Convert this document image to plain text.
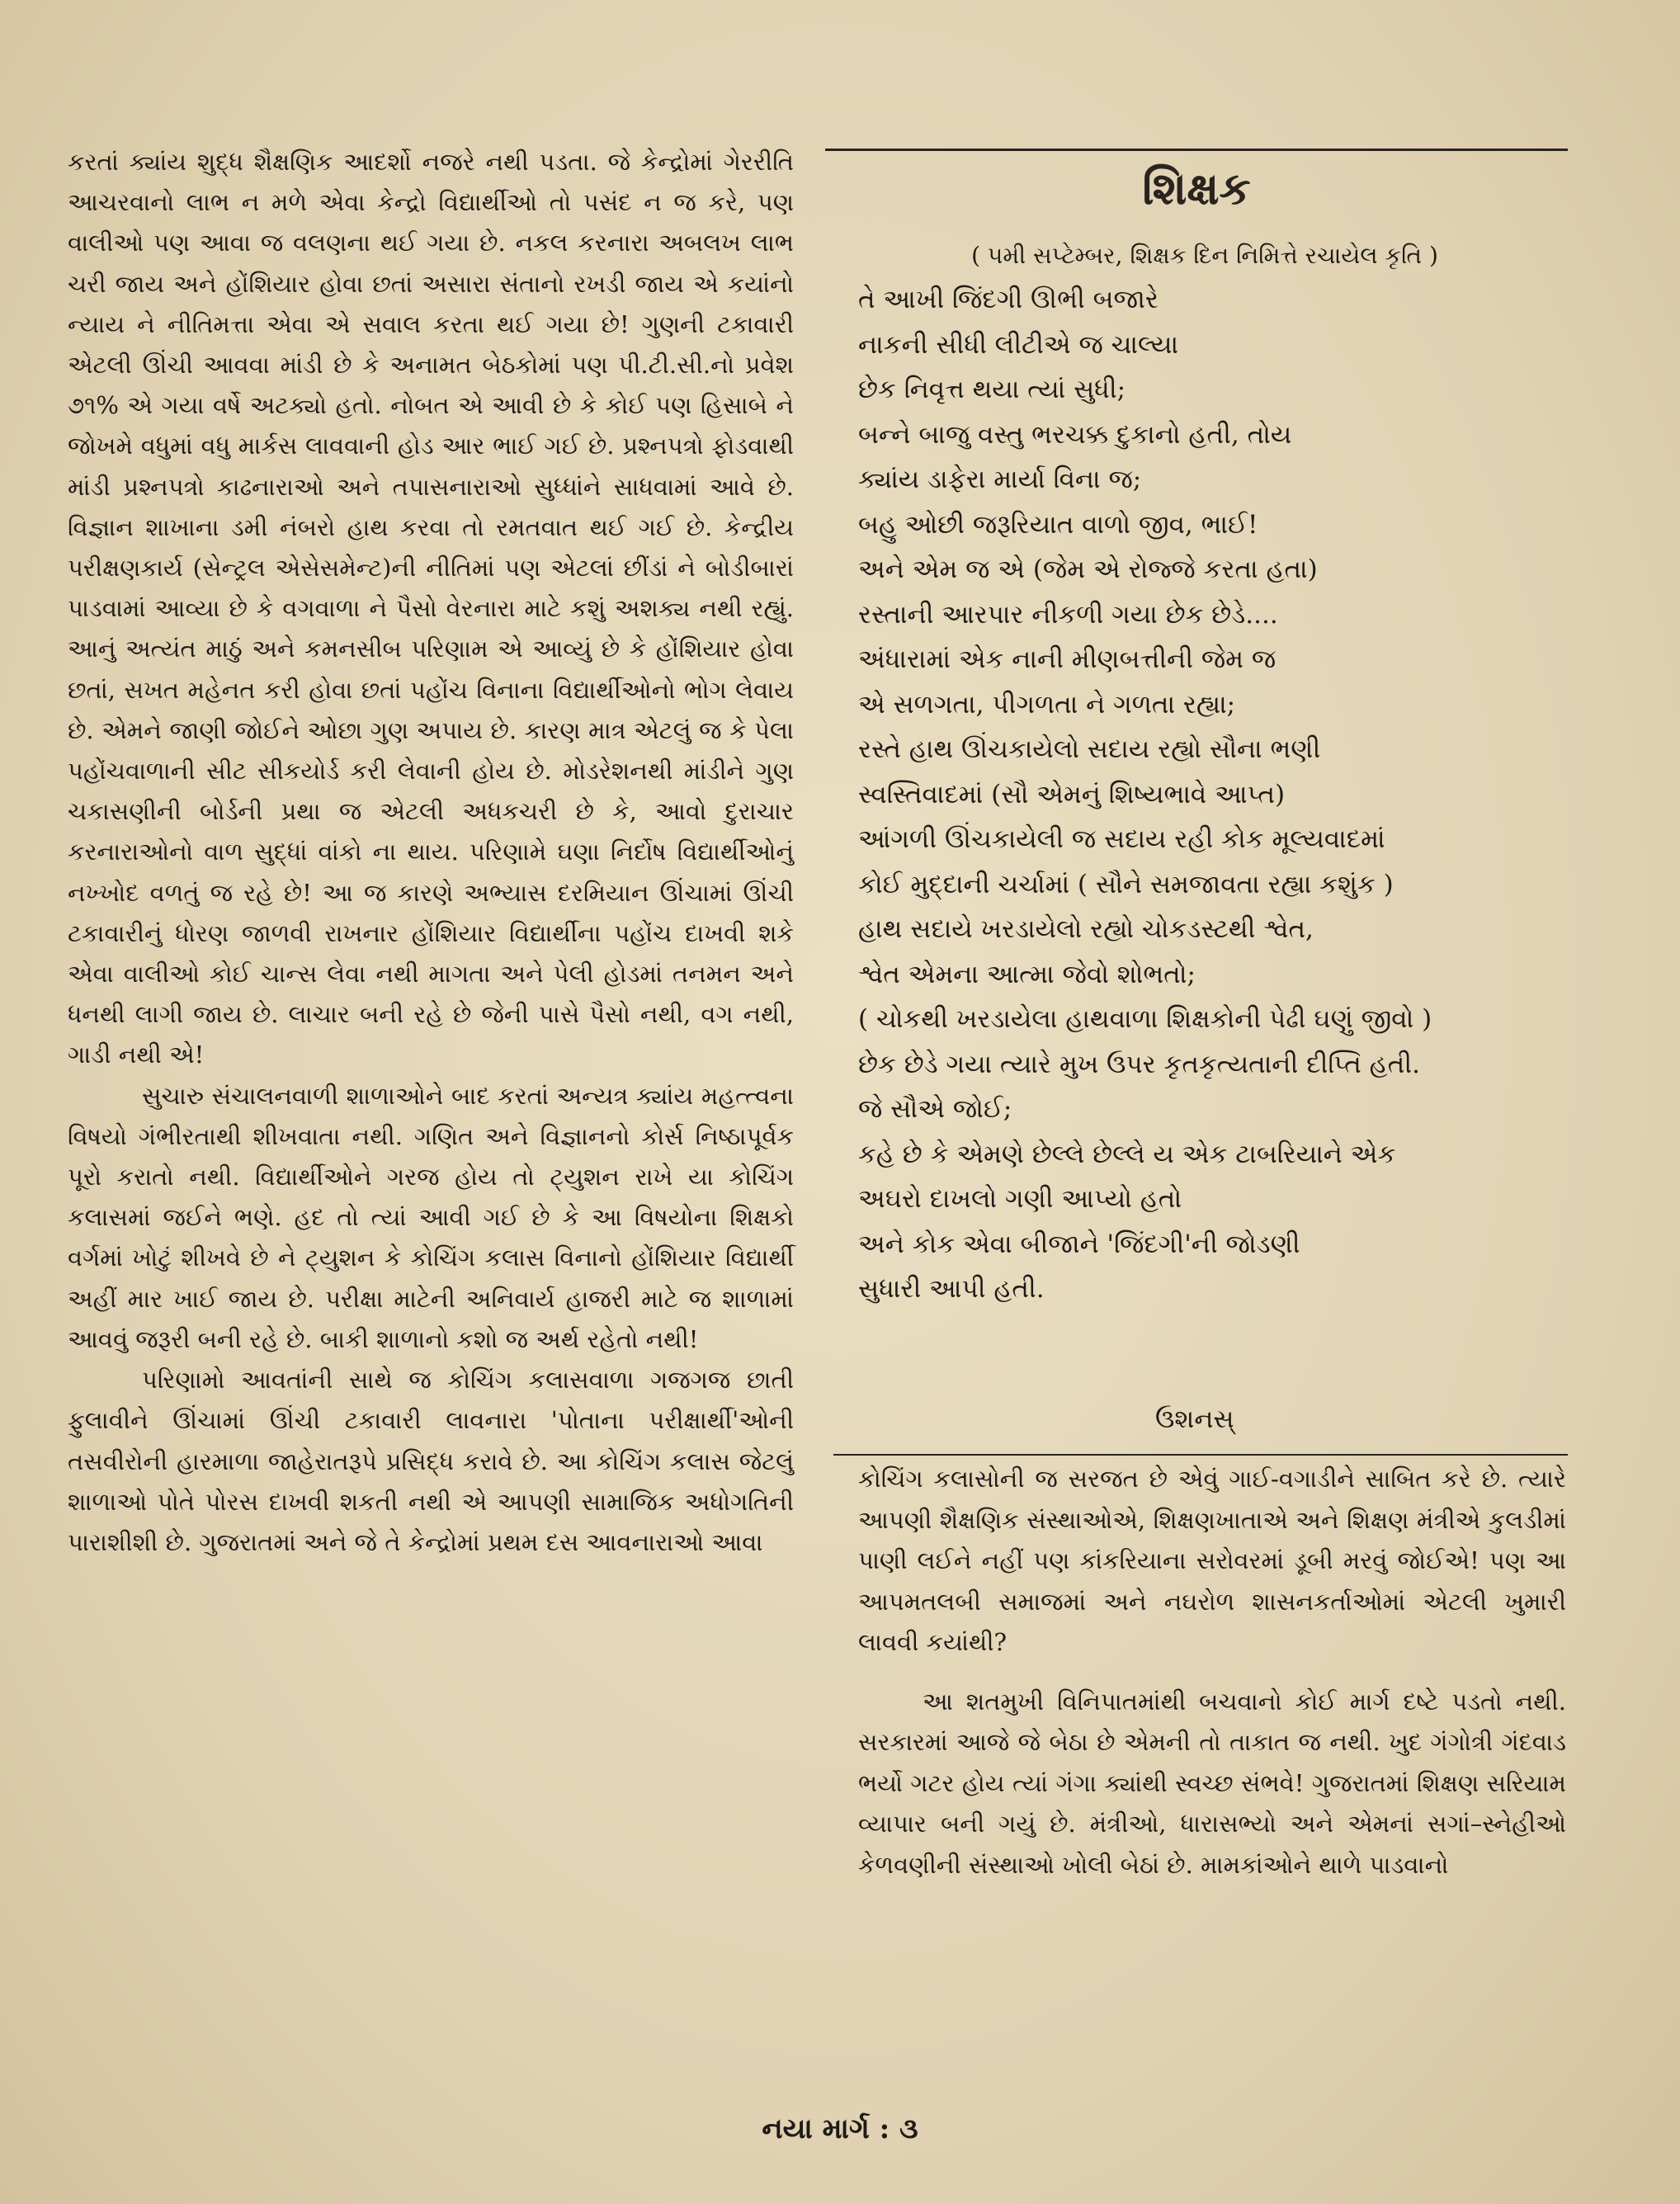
કરતાં ક્યાંય શુદ્ધ શૈક્ષણિક આદર્શો નજરે નથી પડતા. જે કેન્દ્રોમાં ગેરરીતિ આચરવાનો લાભ ન મળે એવા કેન્દ્રો વિદ્યાર્થીઓ તો પસંદ ન જ કરે, પણ વાલીઓ પણ આવા જ વલણના થઈ ગયા છે. નકલ કરનારા અબલખ લાભ ચરી જાય અને હોંશિયાર હોવા છતાં અસારા સંતાનો રખડી જાય એ કયાંનો ન્યાય ને નીતિમત્તા એવા એ સવાલ કરતા થઈ ગયા છે! ગુણની ટકાવારી એટલી ઊંચી આવવા માંડી છે કે અનામત બેઠકોમાં પણ પી.ટી.સી.નો પ્રવેશ ૭૧% એ ગયા વર્ષે અટક્યો હતો. નોબત એ આવી છે કે કોઈ પણ હિસાબે ને જોખમે વધુમાં વધુ માર્કસ લાવવાની હોડ આર ભાઈ ગઈ છે. પ્રશ્નપત્રો ફોડવાથી માંડી પ્રશ્નપત્રો કાઢનારાઓ અને તપાસનારાઓ સુધ્ધાંને સાધવામાં આવે છે. વિજ્ઞાન શાખાના ડમી નંબરો હાથ કરવા તો રમતવાત થઈ ગઈ છે. કેન્દ્રીય પરીક્ષણકાર્ય (સેન્ટ્રલ એસેસમેન્ટ)ની નીતિમાં પણ એટલાં છીંડાં ને બોડીબારાં પાડવામાં આવ્યા છે કે વગવાળા ને પૈસો વેરનારા માટે કશું અશક્ય નથી રહ્યું. આનું અત્યંત માઠું અને કમનસીબ પરિણામ એ આવ્યું છે કે હોંશિયાર હોવા છતાં, સખત મહેનત કરી હોવા છતાં પહોંચ વિનાના વિદ્યાર્થીઓનો ભોગ લેવાય છે. એમને જાણી જોઈને ઓછા ગુણ અપાય છે. કારણ માત્ર એટલું જ કે પેલા પહોંચવાળાની સીટ સીકયોર્ડ કરી લેવાની હોય છે. મોડરેશનથી માંડીને ગુણ ચકાસણીની બોર્ડની પ્રથા જ એટલી અધકચરી છે કે, આવો દુરાચાર કરનારાઓનો વાળ સુદ્ધાં વાંકો ના થાય. પરિણામે ઘણા નિર્દોષ વિદ્યાર્થીઓનું નખ્ખોદ વળતું જ રહે છે! આ જ કારણે અભ્યાસ દરમિયાન ઊંચામાં ઊંચી ટકાવારીનું ધોરણ જાળવી રાખનાર હોંશિયાર વિદ્યાર્થીના પહોંચ દાખવી શકે એવા વાલીઓ કોઈ ચાન્સ લેવા નથી માગતા અને પેલી હોડમાં તનમન અને ધનથી લાગી જાય છે. લાચાર બની રહે છે જેની પાસે પૈસો નથી, વગ નથી, ગાડી નથી એ!

સુચારુ સંચાલનવાળી શાળાઓને બાદ કરતાં અન્યત્ર ક્યાંય મહત્ત્વના વિષયો ગંભીરતાથી શીખવાતા નથી. ગણિત અને વિજ્ઞાનનો કોર્સ નિષ્ઠાપૂર્વક પૂરો કરાતો નથી. વિદ્યાર્થીઓને ગરજ હોય તો ટ્યુશન રાખે યા કોચિંગ કલાસમાં જઈને ભણે. હદ તો ત્યાં આવી ગઈ છે કે આ વિષયોના શિક્ષકો વર્ગમાં ખોટું શીખવે છે ને ટ્યુશન કે કોચિંગ કલાસ વિનાનો હોંશિયાર વિદ્યાર્થી અહીં માર ખાઈ જાય છે. પરીક્ષા માટેની અનિવાર્ય હાજરી માટે જ શાળામાં આવવું જરૂરી બની રહે છે. બાકી શાળાનો કશો જ અર્થ રહેતો નથી!

પરિણામો આવતાંની સાથે જ કોચિંગ કલાસવાળા ગજગજ છાતી ફુલાવીને ઊંચામાં ઊંચી ટકાવારી લાવનારા 'પોતાના પરીક્ષાર્થી'ઓની તસવીરોની હારમાળા જાહેરાતરૂપે પ્રસિદ્ધ કરાવે છે. આ કોચિંગ કલાસ જેટલું શાળાઓ પોતે પોરસ દાખવી શકતી નથી એ આપણી સામાજિક અધોગતિની પારાશીશી છે. ગુજરાતમાં અને જે તે કેન્દ્રોમાં પ્રથમ દસ આવનારાઓ આવા

શિક્ષક
( ૫મી સપ્ટેમ્બર, શિક્ષક દિન નિમિત્તે રચાયેલ કૃતિ )

તે આખી જિંદગી ઊભી બજારે

નાકની સીધી લીટીએ જ ચાલ્યા

છેક નિવૃત્ત થયા ત્યાં સુધી;

બન્ને બાજુ વસ્તુ ભરચક્ક દુકાનો હતી, તોય

ક્યાંય ડાફેરા માર્યા વિના જ;

બહુ ઓછી જરૂરિયાત વાળો જીવ, ભાઈ!

અને એમ જ એ (જેમ એ રોજ્જે કરતા હતા)

રસ્તાની આરપાર નીકળી ગયા છેક છેડે....

અંધારામાં એક નાની મીણબત્તીની જેમ જ

એ સળગતા, પીગળતા ને ગળતા રહ્યા;

રસ્તે હાથ ઊંચકાયેલો સદાય રહ્યો સૌના ભણી

સ્વસ્તિવાદમાં (સૌ એમનું શિષ્યભાવે આપ્ત)

આંગળી ઊંચકાયેલી જ સદાય રહી કોક મૂલ્યવાદમાં

કોઈ મુદ્દાની ચર્ચામાં ( સૌને સમજાવતા રહ્યા કશુંક )

હાથ સદાયે ખરડાયેલો રહ્યો ચોકડસ્ટથી શ્વેત,

શ્વેત એમના આત્મા જેવો શોભતો;

( ચોકથી ખરડાયેલા હાથવાળા શિક્ષકોની પેઢી ઘણું જીવો )

છેક છેડે ગયા ત્યારે મુખ ઉપર કૃતકૃત્યતાની દીપ્તિ હતી.

જે સૌએ જોઈ;

કહે છે કે એમણે છેલ્લે છેલ્લે ય એક ટાબરિયાને એક

અઘરો દાખલો ગણી આપ્યો હતો

અને કોક એવા બીજાને 'જિંદગી'ની જોડણી

સુધારી આપી હતી.

ઉશનસ્

કોચિંગ કલાસોની જ સરજત છે એવું ગાઈ-વગાડીને સાબિત કરે છે. ત્યારે આપણી શૈક્ષણિક સંસ્થાઓએ, શિક્ષણખાતાએ અને શિક્ષણ મંત્રીએ કુલડીમાં પાણી લઈને નહીં પણ કાંકરિયાના સરોવરમાં ડૂબી મરવું જોઈએ! પણ આ આપમતલબી સમાજમાં અને નઘરોળ શાસનકર્તાઓમાં એટલી ખુમારી લાવવી કયાંથી?

આ શતમુખી વિનિપાતમાંથી બચવાનો કોઈ માર્ગ દષ્ટે પડતો નથી. સરકારમાં આજે જે બેઠા છે એમની તો તાકાત જ નથી. ખુદ ગંગોત્રી ગંદવાડ ભર્યો ગટર હોય ત્યાં ગંગા ક્યાંથી સ્વચ્છ સંભવે! ગુજરાતમાં શિક્ષણ સરિયામ વ્યાપાર બની ગયું છે. મંત્રીઓ, ધારાસભ્યો અને એમનાં સગાં–સ્નેહીઓ કેળવણીની સંસ્થાઓ ખોલી બેઠાં છે. મામકાંઓને થાળે પાડવાનો

નયા માર્ગ : ૩
